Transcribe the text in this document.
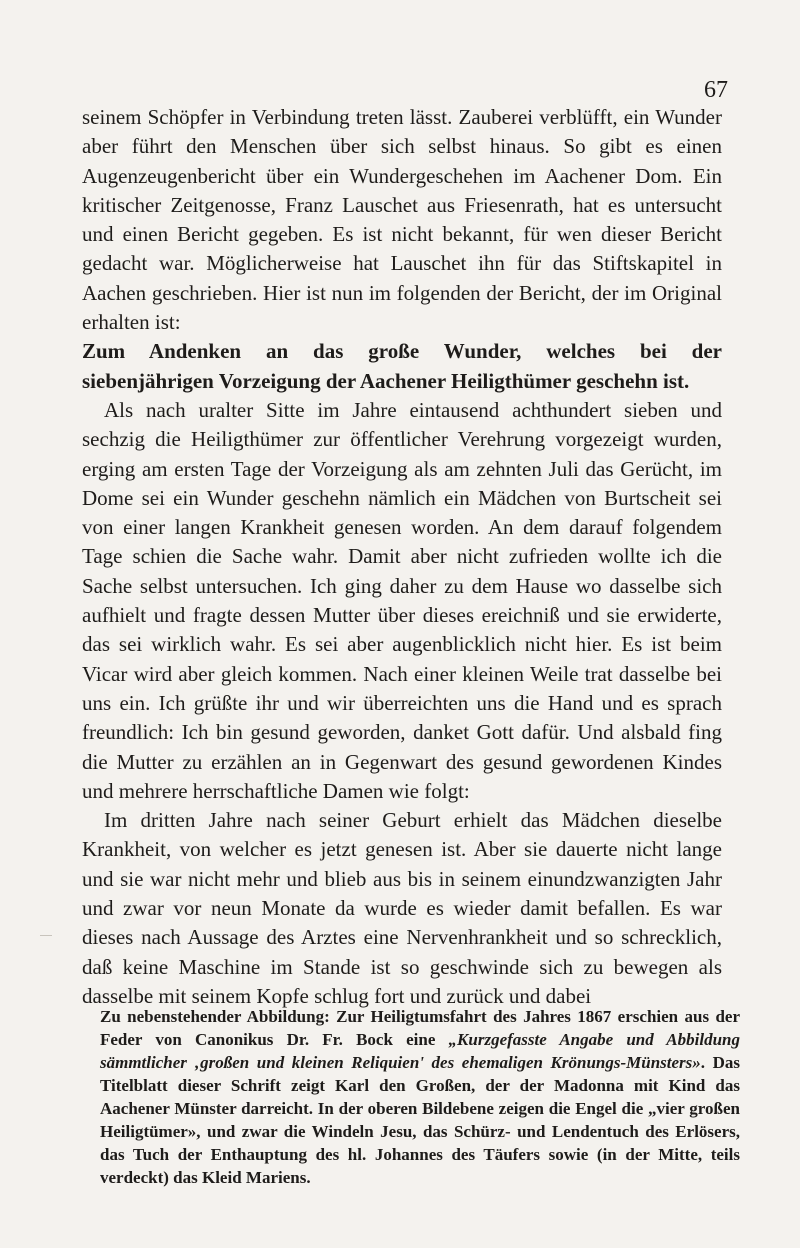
67

seinem Schöpfer in Verbindung treten lässt. Zauberei verblüfft, ein Wunder aber führt den Menschen über sich selbst hinaus. So gibt es einen Augenzeugenbericht über ein Wundergeschehen im Aachener Dom. Ein kritischer Zeitgenosse, Franz Lauschet aus Friesenrath, hat es untersucht und einen Bericht gegeben. Es ist nicht bekannt, für wen dieser Bericht gedacht war. Möglicherweise hat Lauschet ihn für das Stiftskapitel in Aachen geschrieben. Hier ist nun im folgenden der Bericht, der im Original erhalten ist:

Zum Andenken an das große Wunder, welches bei der
siebenjährigen Vorzeigung der Aachener Heiligthümer geschehn ist.

Als nach uralter Sitte im Jahre eintausend achthundert sieben und sechzig die Heiligthümer zur öffentlicher Verehrung vorgezeigt wurden, erging am ersten Tage der Vorzeigung als am zehnten Juli das Gerücht, im Dome sei ein Wunder geschehn nämlich ein Mädchen von Burtscheit sei von einer langen Krankheit genesen worden. An dem darauf folgendem Tage schien die Sache wahr. Damit aber nicht zufrieden wollte ich die Sache selbst untersuchen. Ich ging daher zu dem Hause wo dasselbe sich aufhielt und fragte dessen Mutter über dieses ereichniß und sie erwiderte, das sei wirklich wahr. Es sei aber augenblicklich nicht hier. Es ist beim Vicar wird aber gleich kommen. Nach einer kleinen Weile trat dasselbe bei uns ein. Ich grüßte ihr und wir überreichten uns die Hand und es sprach freundlich: Ich bin gesund geworden, danket Gott dafür. Und alsbald fing die Mutter zu erzählen an in Gegenwart des gesund gewordenen Kindes und mehrere herrschaftliche Damen wie folgt:

Im dritten Jahre nach seiner Geburt erhielt das Mädchen dieselbe Krankheit, von welcher es jetzt genesen ist. Aber sie dauerte nicht lange und sie war nicht mehr und blieb aus bis in seinem einundzwanzigten Jahr und zwar vor neun Monate da wurde es wieder damit befallen. Es war dieses nach Aussage des Arztes eine Nervenhrankheit und so schrecklich, daß keine Maschine im Stande ist so geschwinde sich zu bewegen als dasselbe mit seinem Kopfe schlug fort und zurück und dabei

Zu nebenstehender Abbildung: Zur Heiligtumsfahrt des Jahres 1867 erschien aus der Feder von Canonikus Dr. Fr. Bock eine „Kurzgefasste Angabe und Abbildung sämmtlicher ‚großen und kleinen Reliquien' des ehemaligen Krönungs-Münsters». Das Titelblatt dieser Schrift zeigt Karl den Großen, der der Madonna mit Kind das Aachener Münster darreicht. In der oberen Bildebene zeigen die Engel die „vier großen Heiligtümer», und zwar die Windeln Jesu, das Schürz- und Lendentuch des Erlösers, das Tuch der Enthauptung des hl. Johannes des Täufers sowie (in der Mitte, teils verdeckt) das Kleid Mariens.
